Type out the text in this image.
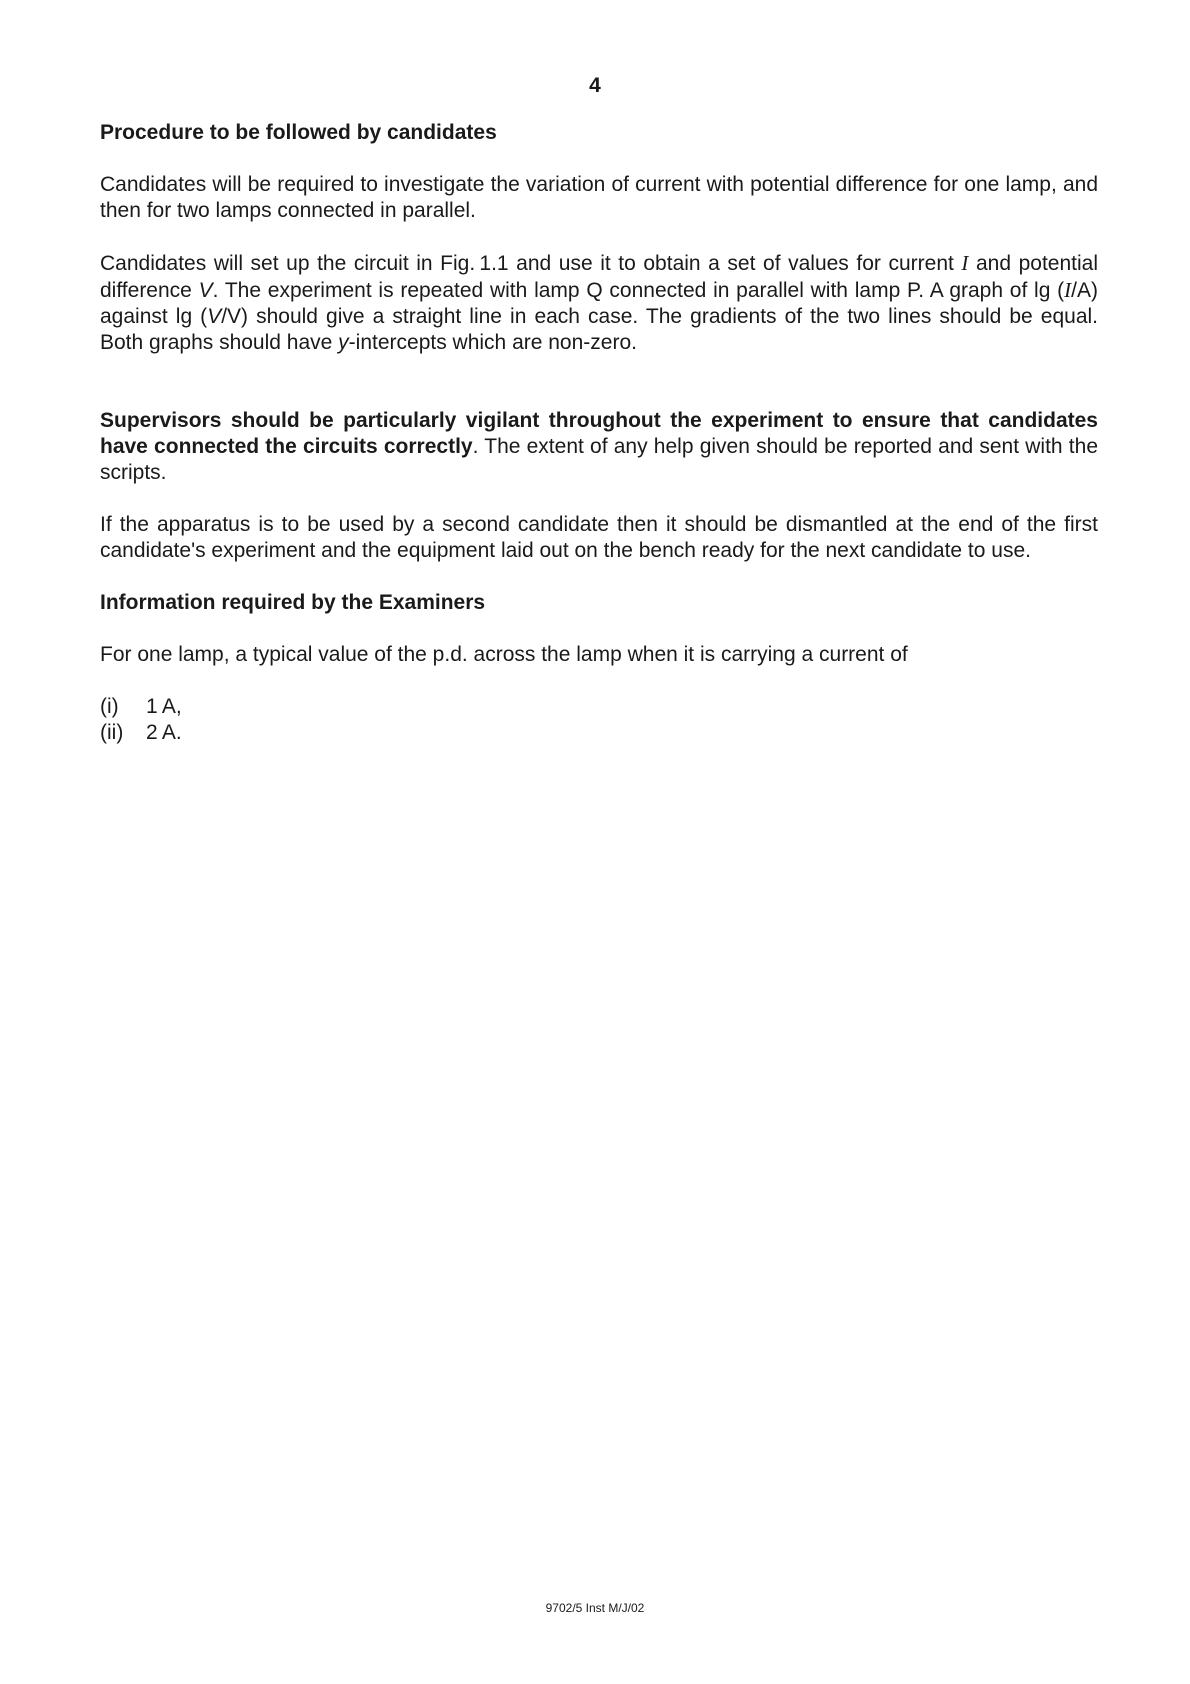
4
Procedure to be followed by candidates
Candidates will be required to investigate the variation of current with potential difference for one lamp, and then for two lamps connected in parallel.
Candidates will set up the circuit in Fig. 1.1 and use it to obtain a set of values for current I and potential difference V. The experiment is repeated with lamp Q connected in parallel with lamp P. A graph of lg (I/A) against lg (V/V) should give a straight line in each case. The gradients of the two lines should be equal. Both graphs should have y-intercepts which are non-zero.
Supervisors should be particularly vigilant throughout the experiment to ensure that candidates have connected the circuits correctly. The extent of any help given should be reported and sent with the scripts.
If the apparatus is to be used by a second candidate then it should be dismantled at the end of the first candidate's experiment and the equipment laid out on the bench ready for the next candidate to use.
Information required by the Examiners
For one lamp, a typical value of the p.d. across the lamp when it is carrying a current of
(i)	1 A,
(ii)	2 A.
9702/5 Inst M/J/02
